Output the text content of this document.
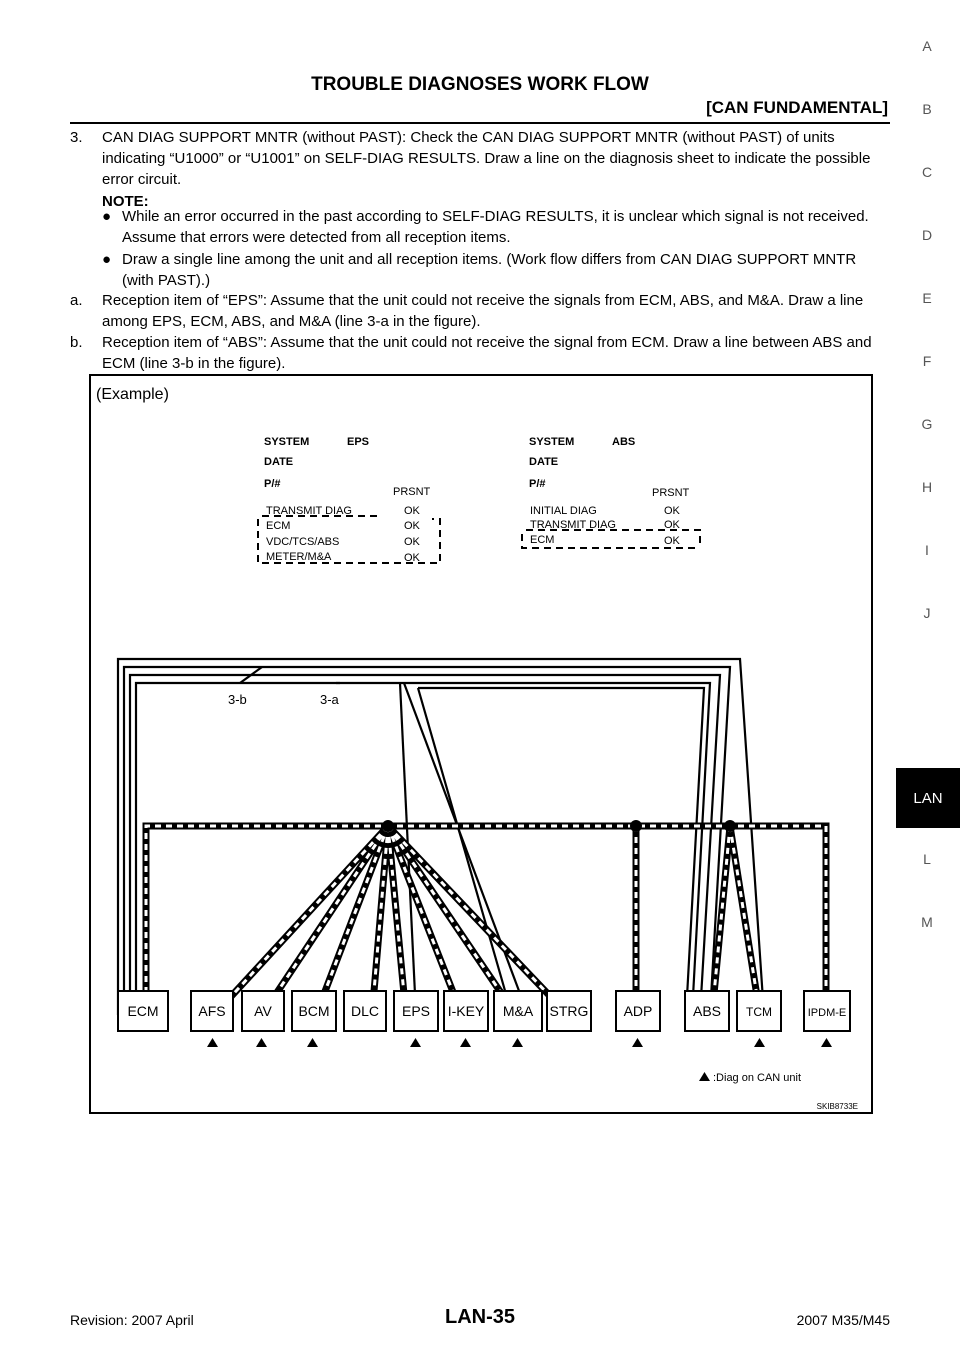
TROUBLE DIAGNOSES WORK FLOW
[CAN FUNDAMENTAL]
3.	CAN DIAG SUPPORT MNTR (without PAST): Check the CAN DIAG SUPPORT MNTR (without PAST) of units indicating “U1000” or “U1001” on SELF-DIAG RESULTS. Draw a line on the diagnosis sheet to indicate the possible error circuit.
NOTE:
● While an error occurred in the past according to SELF-DIAG RESULTS, it is unclear which signal is not received. Assume that errors were detected from all reception items.
● Draw a single line among the unit and all reception items. (Work flow differs from CAN DIAG SUPPORT MNTR (with PAST).)
a.	Reception item of “EPS”: Assume that the unit could not receive the signals from ECM, ABS, and M&A. Draw a line among EPS, ECM, ABS, and M&A (line 3-a in the figure).
b.	Reception item of “ABS”: Assume that the unit could not receive the signal from ECM. Draw a line between ABS and ECM (line 3-b in the figure).
(Example)
SYSTEM	EPS
DATE
P/#
PRSNT
TRANSMIT DIAG	OK
ECM	OK
VDC/TCS/ABS	OK
METER/M&A	OK
SYSTEM	ABS
DATE
P/#
PRSNT
INITIAL DIAG	OK
TRANSMIT DIAG	OK
ECM	OK
3-b	3-a
ECM	AFS AV BCM DLC EPS I-KEY M&A STRG	ADP	ABS TCM	IPDM-E
:Diag on CAN unit
SKIB8733E
A
B
C
D
E
F
G
H
I
J
LAN
L
M
Revision: 2007 April	LAN-35	2007 M35/M45
